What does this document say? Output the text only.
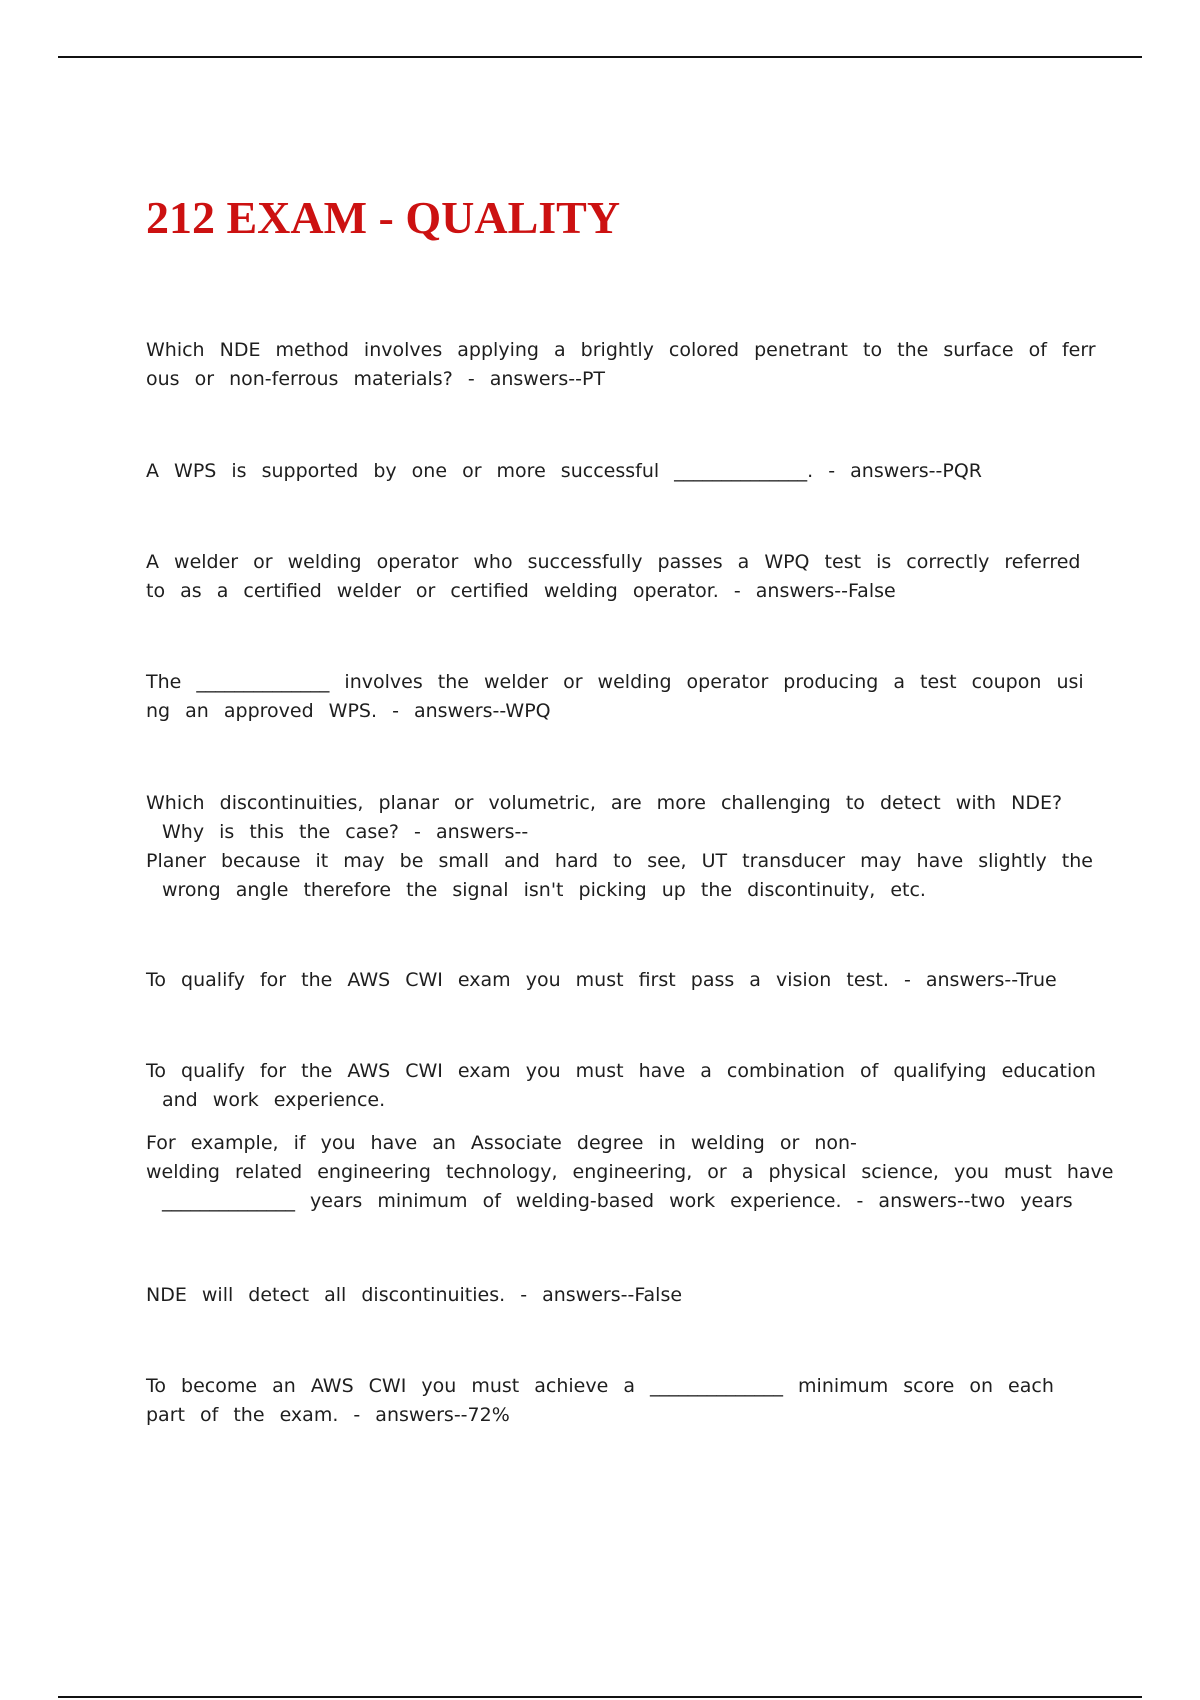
212 EXAM - QUALITY
Which NDE method involves applying a brightly colored penetrant to the surface of ferr
ous or non-ferrous materials? - answers--PT
A WPS is supported by one or more successful ______________. - answers--PQR
A welder or welding operator who successfully passes a WPQ test is correctly referred
to as a certified welder or certified welding operator. - answers--False
The ______________ involves the welder or welding operator producing a test coupon usi
ng an approved WPS. - answers--WPQ
Which discontinuities, planar or volumetric, are more challenging to detect with NDE?
Why is this the case? - answers--
Planer because it may be small and hard to see, UT transducer may have slightly the
wrong angle therefore the signal isn't picking up the discontinuity, etc.
To qualify for the AWS CWI exam you must first pass a vision test. - answers--True
To qualify for the AWS CWI exam you must have a combination of qualifying education
and work experience.
For example, if you have an Associate degree in welding or non-
welding related engineering technology, engineering, or a physical science, you must have
______________ years minimum of welding-based work experience. - answers--two years
NDE will detect all discontinuities. - answers--False
To become an AWS CWI you must achieve a ______________ minimum score on each
part of the exam. - answers--72%
